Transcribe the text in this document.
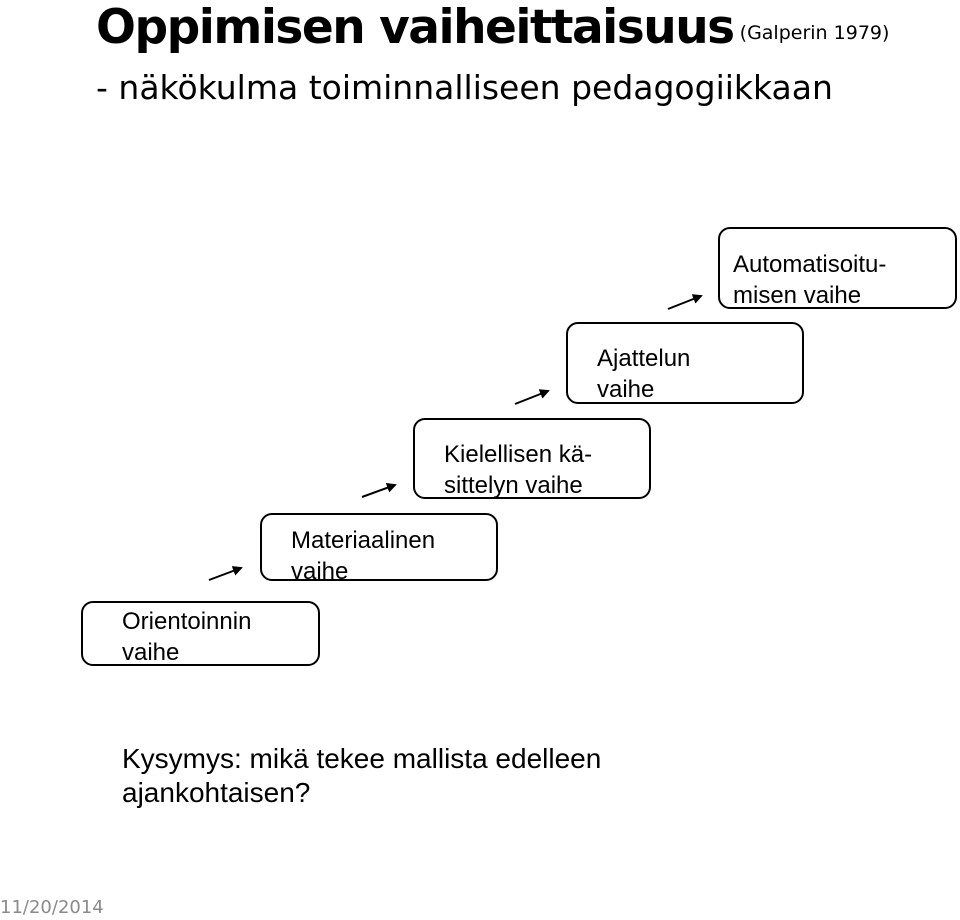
Oppimisen vaiheittaisuus (Galperin 1979)
- näkökulma toiminnalliseen pedagogiikkaan
Orientoinnin
vaihe
Materiaalinen
vaihe
Kielellisen kä-
sittelyn vaihe
Ajattelun
vaihe
Automatisoitu-
misen vaihe
Kysymys: mikä tekee mallista edelleen ajankohtaisen?
11/20/2014
